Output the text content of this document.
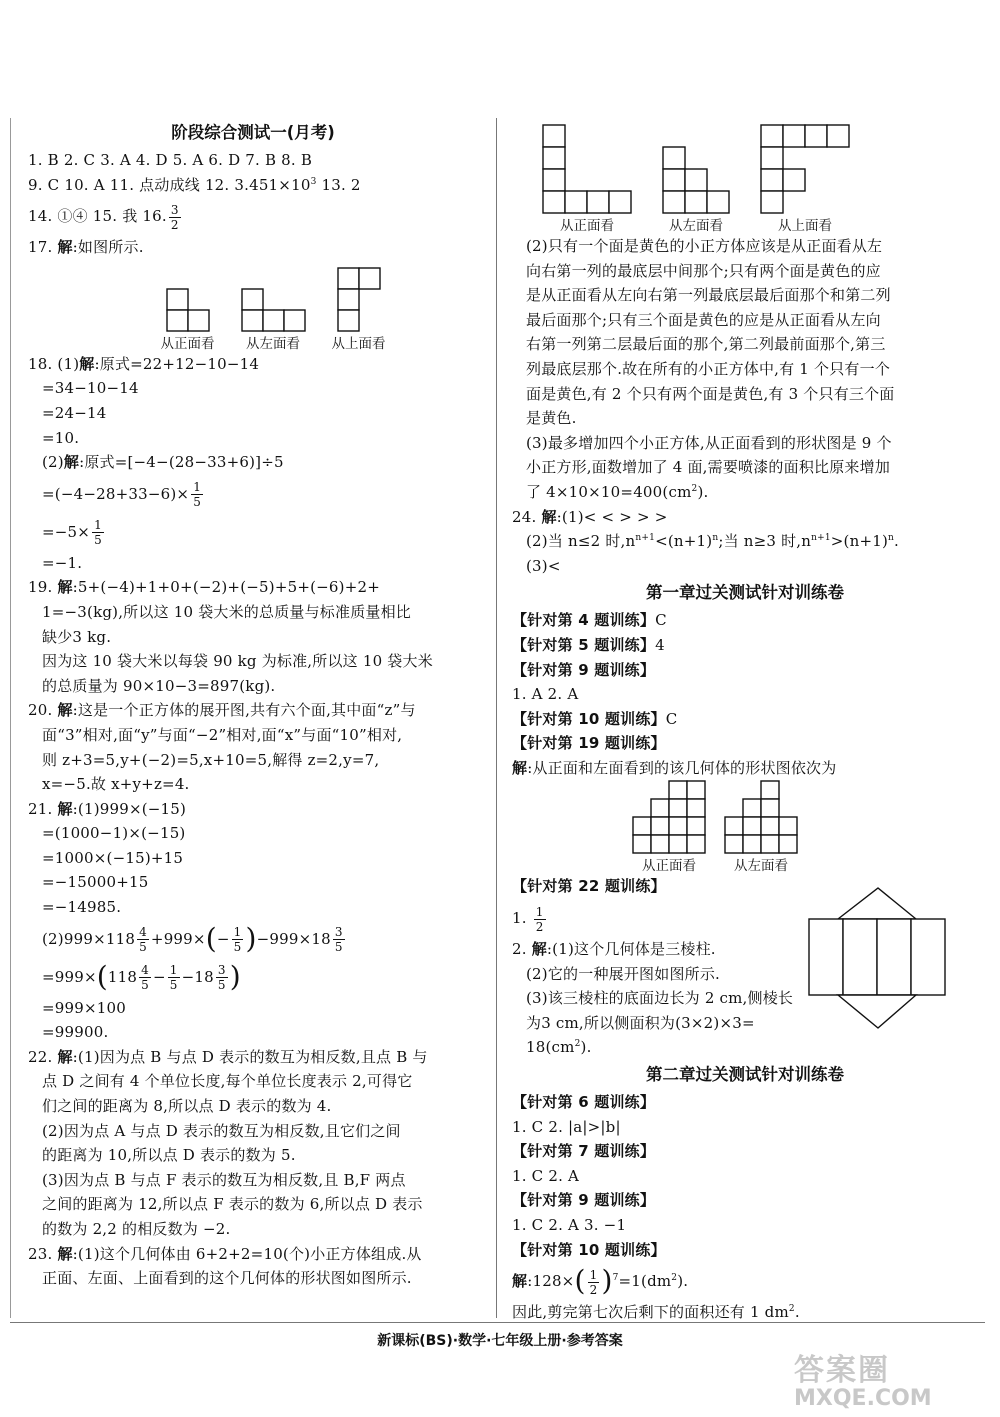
阶段综合测试一(月考)
1. B 2. C 3. A 4. D 5. A 6. D 7. B 8. B
9. C 10. A 11. 点动成线 12. $3.451\times 10^3$ 13. 2
14. ①④ 15. 我 16. $\frac{3}{2}$
17. 解:如图所示.
从正面看	从左面看	从上面看
18. (1)解:原式=22+12−10−14
=34−10−14
=24−14
=10.
(2)解:原式=[−4−(28−33+6)]÷5
$=(-4-28+33-6)\times \frac{1}{5}$
$=-5\times \frac{1}{5}$
=−1.
19. 解:5+(−4)+1+0+(−2)+(−5)+5+(−6)+2+
1=−3(kg),所以这 10 袋大米的总质量与标准质量相比
缺少3 kg.
因为这 10 袋大米以每袋 90 kg 为标准,所以这 10 袋大米
的总质量为 90×10−3=897(kg).
20. 解:这是一个正方体的展开图,共有六个面,其中面“z”与
面“3”相对,面“y”与面“−2”相对,面“x”与面“10”相对,
则 z+3=5,y+(−2)=5,x+10=5,解得 z=2,y=7,
x=−5.故 x+y+z=4.
21. 解:(1)999×(−15)
=(1000−1)×(−15)
=1000×(−15)+15
=−15000+15
=−14985.
$(2)999\times 118 \frac{4}{5} +999\times(- \frac{1}{5} )-999\times 18 \frac{3}{5}$
$=999\times(118 \frac{4}{5} - \frac{1}{5} -18 \frac{3}{5}$ )
=999×100
=99900.
22. 解:(1)因为点 B 与点 D 表示的数互为相反数,且点 B 与
点 D 之间有 4 个单位长度,每个单位长度表示 2,可得它
们之间的距离为 8,所以点 D 表示的数为 4.
(2)因为点 A 与点 D 表示的数互为相反数,且它们之间
的距离为 10,所以点 D 表示的数为 5.
(3)因为点 B 与点 F 表示的数互为相反数,且 B,F 两点
之间的距离为 12,所以点 F 表示的数为 6,所以点 D 表示
的数为 2,2 的相反数为 −2.
23. 解:(1)这个几何体由 6+2+2=10(个)小正方体组成.从
正面、左面、上面看到的这个几何体的形状图如图所示.
从正面看	从左面看	从上面看
(2)只有一个面是黄色的小正方体应该是从正面看从左
向右第一列的最底层中间那个;只有两个面是黄色的应
是从正面看从左向右第一列最底层最后面那个和第二列
最后面那个;只有三个面是黄色的应是从正面看从左向
右第一列第二层最后面的那个,第二列最前面那个,第三
列最底层那个.故在所有的小正方体中,有 1 个只有一个
面是黄色,有 2 个只有两个面是黄色,有 3 个只有三个面
是黄色.
(3)最多增加四个小正方体,从正面看到的形状图是 9 个
小正方形,面数增加了 4 面,需要喷漆的面积比原来增加
了 $4\times 10\times 10=400(cm^2)$.
24. 解:(1)< < > > >
(2)当 n≤2 时$,n^{n+1}<(n+1)^n$;当 n≥3 时$,n^{n+1}>(n+1)^n$.
(3)<
第一章过关测试针对训练卷
【针对第 4 题训练】C
【针对第 5 题训练】4
【针对第 9 题训练】
1. A 2. A
【针对第 10 题训练】C
【针对第 19 题训练】
解:从正面和左面看到的该几何体的形状图依次为
从正面看	从左面看
【针对第 22 题训练】
1. $\frac{1}{2}$
2. 解:(1)这个几何体是三棱柱.
(2)它的一种展开图如图所示.
(3)该三棱柱的底面边长为 2 cm,侧棱长
为3 cm,所以侧面积为(3×2)×3=
$18(cm^2)$.
第二章过关测试针对训练卷
【针对第 6 题训练】
1. C 2. |a|>|b|
【针对第 7 题训练】
1. C 2. A
【针对第 9 题训练】
1. C 2. A 3. −1
【针对第 10 题训练】
解:128×( $\frac{1}{2} )^7=1(dm^2)$.
因此,剪完第七次后剩下的面积还有 1 $dm^2$.
新课标(BS)·数学·七年级上册·参考答案
答案圈
MXQE.COM
